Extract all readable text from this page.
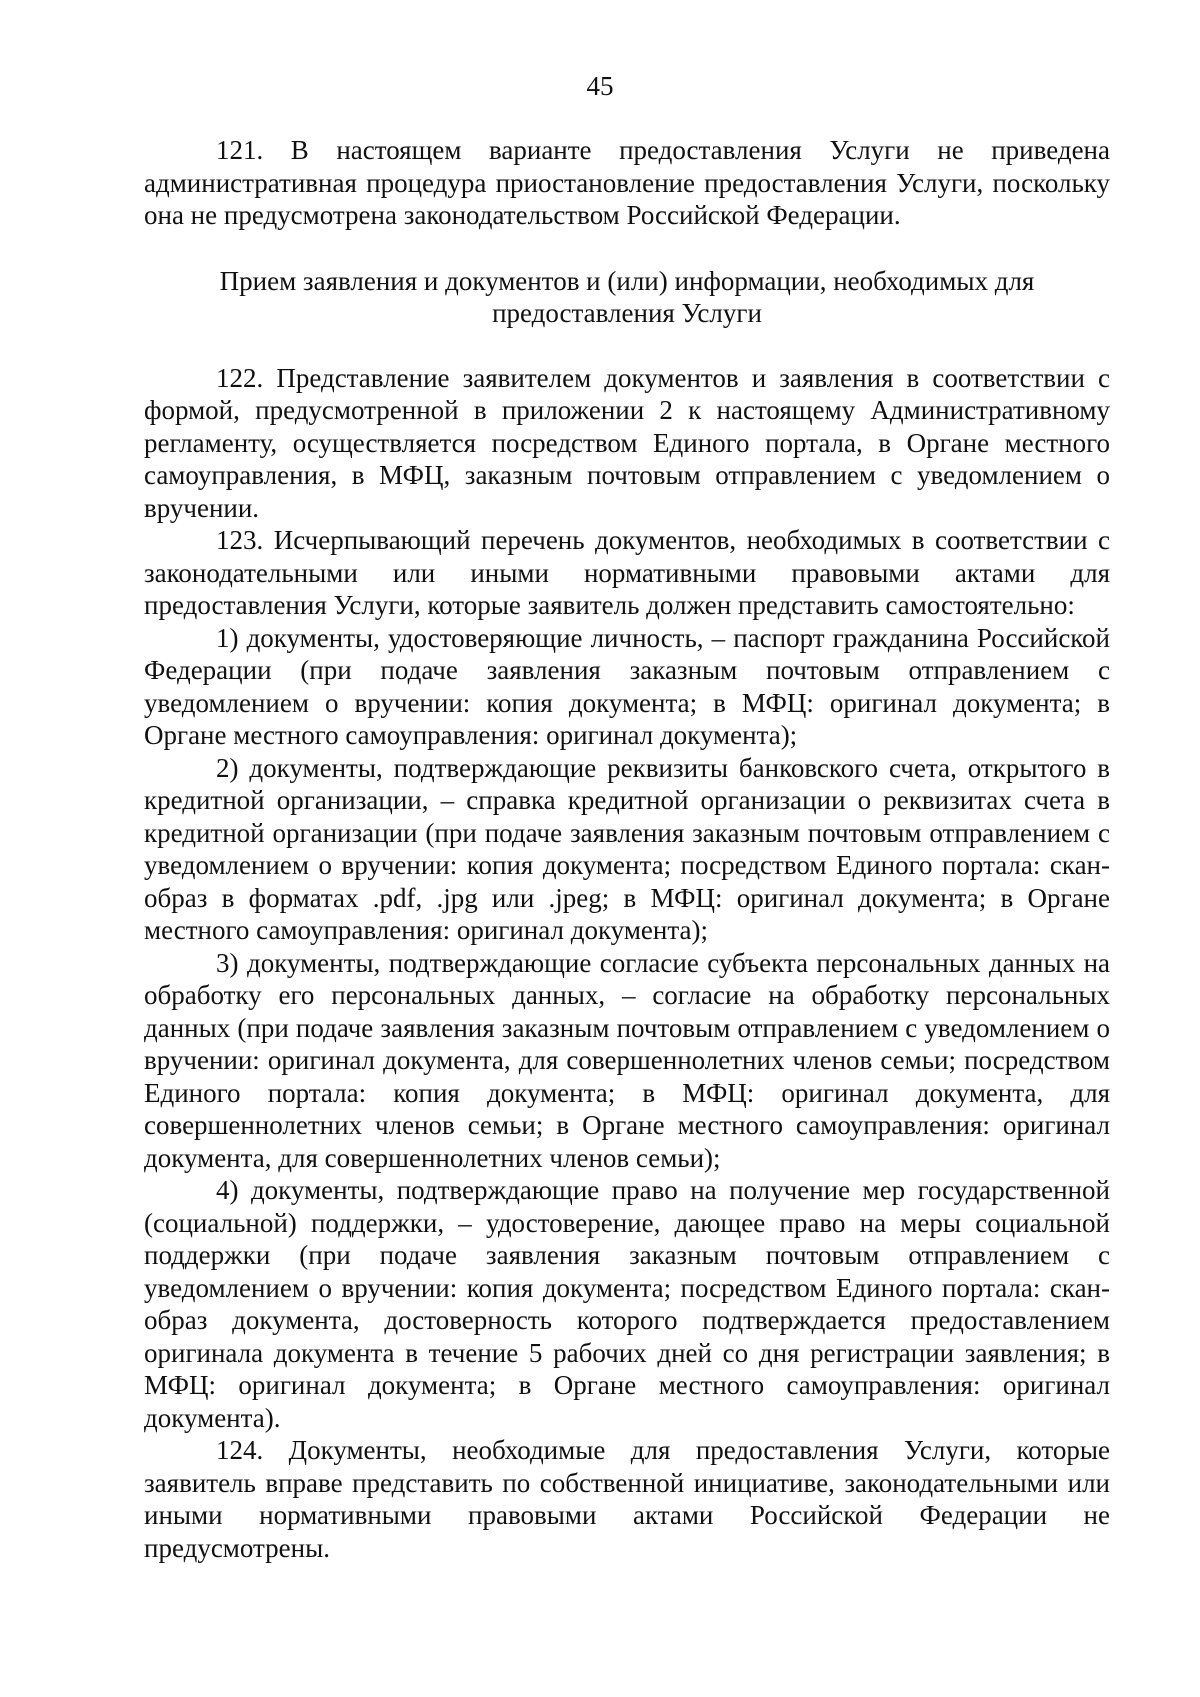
45

121. В настоящем варианте предоставления Услуги не приведена административная процедура приостановление предоставления Услуги, поскольку она не предусмотрена законодательством Российской Федерации.

Прием заявления и документов и (или) информации, необходимых для предоставления Услуги

122. Представление заявителем документов и заявления в соответствии с формой, предусмотренной в приложении 2 к настоящему Административному регламенту, осуществляется посредством Единого портала, в Органе местного самоуправления, в МФЦ, заказным почтовым отправлением с уведомлением о вручении.

123. Исчерпывающий перечень документов, необходимых в соответствии с законодательными или иными нормативными правовыми актами для предоставления Услуги, которые заявитель должен представить самостоятельно:

1) документы, удостоверяющие личность, – паспорт гражданина Российской Федерации (при подаче заявления заказным почтовым отправлением с уведомлением о вручении: копия документа; в МФЦ: оригинал документа; в Органе местного самоуправления: оригинал документа);

2) документы, подтверждающие реквизиты банковского счета, открытого в кредитной организации, – справка кредитной организации о реквизитах счета в кредитной организации (при подаче заявления заказным почтовым отправлением с уведомлением о вручении: копия документа; посредством Единого портала: скан-образ в форматах .pdf, .jpg или .jpeg; в МФЦ: оригинал документа; в Органе местного самоуправления: оригинал документа);

3) документы, подтверждающие согласие субъекта персональных данных на обработку его персональных данных, – согласие на обработку персональных данных (при подаче заявления заказным почтовым отправлением с уведомлением о вручении: оригинал документа, для совершеннолетних членов семьи; посредством Единого портала: копия документа; в МФЦ: оригинал документа, для совершеннолетних членов семьи; в Органе местного самоуправления: оригинал документа, для совершеннолетних членов семьи);

4) документы, подтверждающие право на получение мер государственной (социальной) поддержки, – удостоверение, дающее право на меры социальной поддержки (при подаче заявления заказным почтовым отправлением с уведомлением о вручении: копия документа; посредством Единого портала: скан-образ документа, достоверность которого подтверждается предоставлением оригинала документа в течение 5 рабочих дней со дня регистрации заявления; в МФЦ: оригинал документа; в Органе местного самоуправления: оригинал документа).

124. Документы, необходимые для предоставления Услуги, которые заявитель вправе представить по собственной инициативе, законодательными или иными нормативными правовыми актами Российской Федерации не предусмотрены.
